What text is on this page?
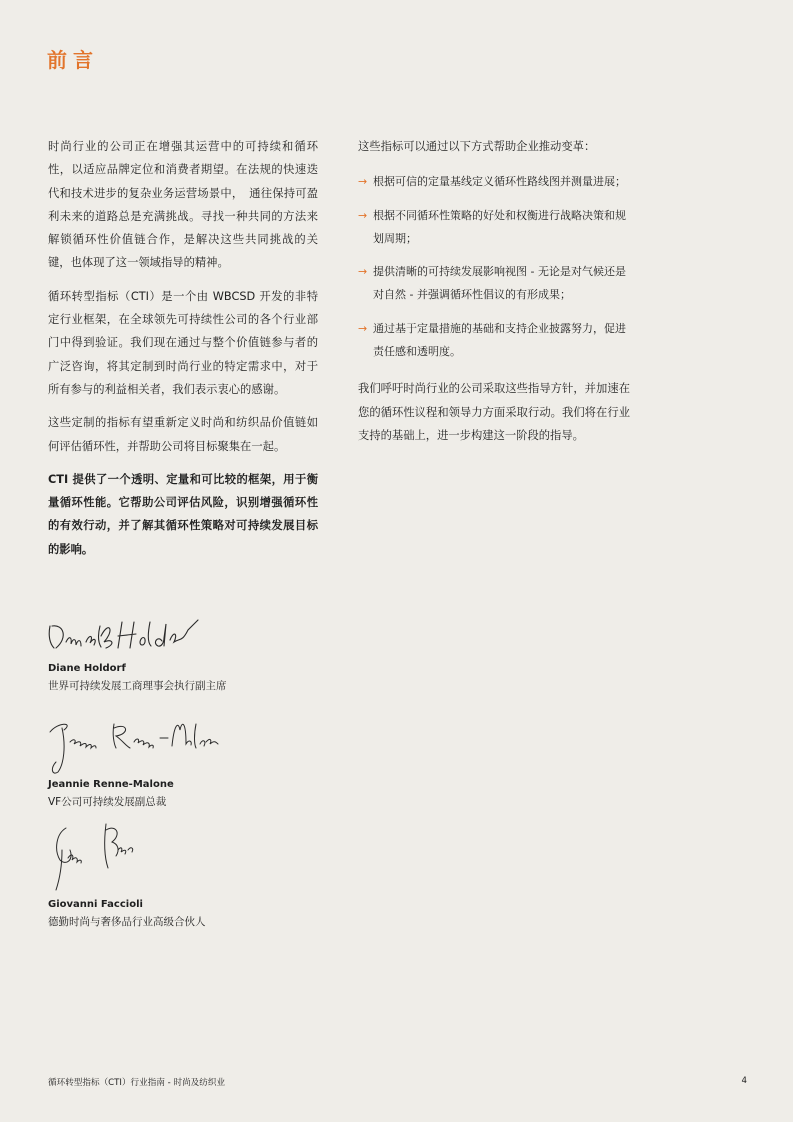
前言

时尚行业的公司正在增强其运营中的可持续和循环性，以适应品牌定位和消费者期望。在法规的快速迭代和技术进步的复杂业务运营场景中，　通往保持可盈利未来的道路总是充满挑战。寻找一种共同的方法来解锁循环性价值链合作，是解决这些共同挑战的关键，也体现了这一领域指导的精神。

循环转型指标（CTI）是一个由 WBCSD 开发的非特定行业框架，在全球领先可持续性公司的各个行业部门中得到验证。我们现在通过与整个价值链参与者的广泛咨询，将其定制到时尚行业的特定需求中，对于所有参与的利益相关者，我们表示衷心的感谢。

这些定制的指标有望重新定义时尚和纺织品价值链如何评估循环性，并帮助公司将目标聚集在一起。

CTI 提供了一个透明、定量和可比较的框架，用于衡量循环性能。它帮助公司评估风险，识别增强循环性的有效行动，并了解其循环性策略对可持续发展目标的影响。

这些指标可以通过以下方式帮助企业推动变革：

→ 根据可信的定量基线定义循环性路线图并测量进展；
→ 根据不同循环性策略的好处和权衡进行战略决策和规划周期；
→ 提供清晰的可持续发展影响视图 - 无论是对气候还是对自然 - 并强调循环性倡议的有形成果；
→ 通过基于定量措施的基础和支持企业披露努力，促进责任感和透明度。

我们呼吁时尚行业的公司采取这些指导方针，并加速在您的循环性议程和领导力方面采取行动。我们将在行业支持的基础上，进一步构建这一阶段的指导。

Diane Holdorf
世界可持续发展工商理事会执行副主席
Jeannie Renne-Malone
VF公司可持续发展副总裁
Giovanni Faccioli
德勤时尚与奢侈品行业高级合伙人
循环转型指标（CTI）行业指南 - 时尚及纺织业	4
